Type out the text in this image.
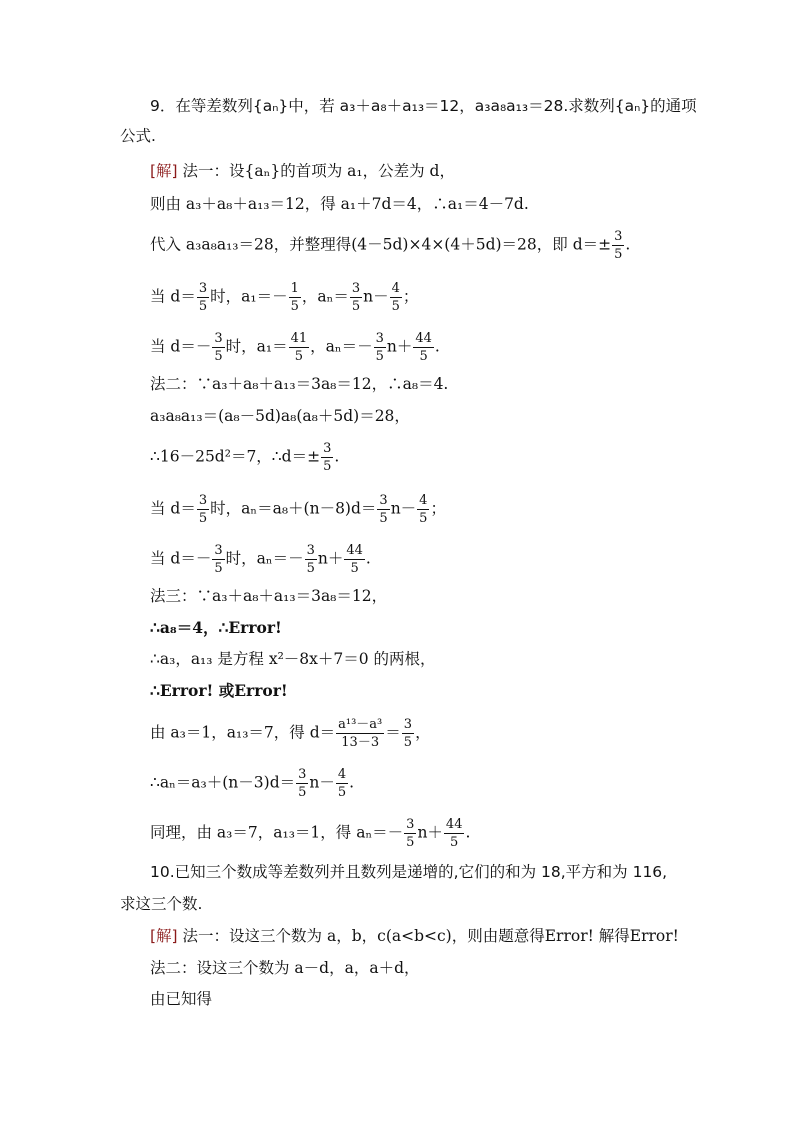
9．在等差数列{aₙ}中，若 a₃＋a₈＋a₁₃＝12，a₃a₈a₁₃＝28.求数列{aₙ}的通项
公式.
[解] 法一：设{aₙ}的首项为 a₁，公差为 d，
则由 a₃＋a₈＋a₁₃＝12，得 a₁＋7d＝4，∴a₁＝4－7d.
代入 a₃a₈a₁₃＝28，并整理得(4－5d)×4×(4＋5d)＝28，即 $d=\pm \frac{3}{5}$ .
当 $d= \frac{3}{5}$ 时，$a_1=- \frac{1}{5}$ ，$a_n= \frac{3}{5} n- \frac{4}{5}$ ；
当 $d=- \frac{3}{5}$ 时，$a_1= \frac{41}{5}$ ，$a_n=- \frac{3}{5} n+ \frac{44}{5}$ .
法二：∵a₃＋a₈＋a₁₃＝3a₈＝12，∴a₈＝4.
a₃a₈a₁₃＝(a₈－5d)a₈(a₈＋5d)＝28，
∴16－25d²＝7，∴d＝± $\frac{3}{5}$ .
当 $d= \frac{3}{5}$ 时，$a_n=a_8+(n-8)d= \frac{3}{5} n- \frac{4}{5}$ ；
当 $d=- \frac{3}{5}$ 时，$a_n=- \frac{3}{5} n+ \frac{44}{5}$ .
法三：∵a₃＋a₈＋a₁₃＝3a₈＝12，
∴a₈＝4，∴Error!
∴a₃，a₁₃ 是方程 x²－8x＋7＝0 的两根，
∴Error! 或Error!
由 a₃＝1，a₁₃＝7，得 $d= \frac{\text{a¹³－a³}}{13-3} = \frac{3}{5}$ ，
∴aₙ＝a₃＋(n－3)d＝ $\frac{3}{5} n- \frac{4}{5}$ .
同理，由 a₃＝7，a₁₃＝1，得 $a_n=- \frac{3}{5} n+ \frac{44}{5}$ .
10.已知三个数成等差数列并且数列是递增的,它们的和为 18,平方和为 116,
求这三个数.
[解] 法一：设这三个数为 a，b，c(a<b<c)，则由题意得Error! 解得Error!
法二：设这三个数为 a－d，a，a＋d，
由已知得
